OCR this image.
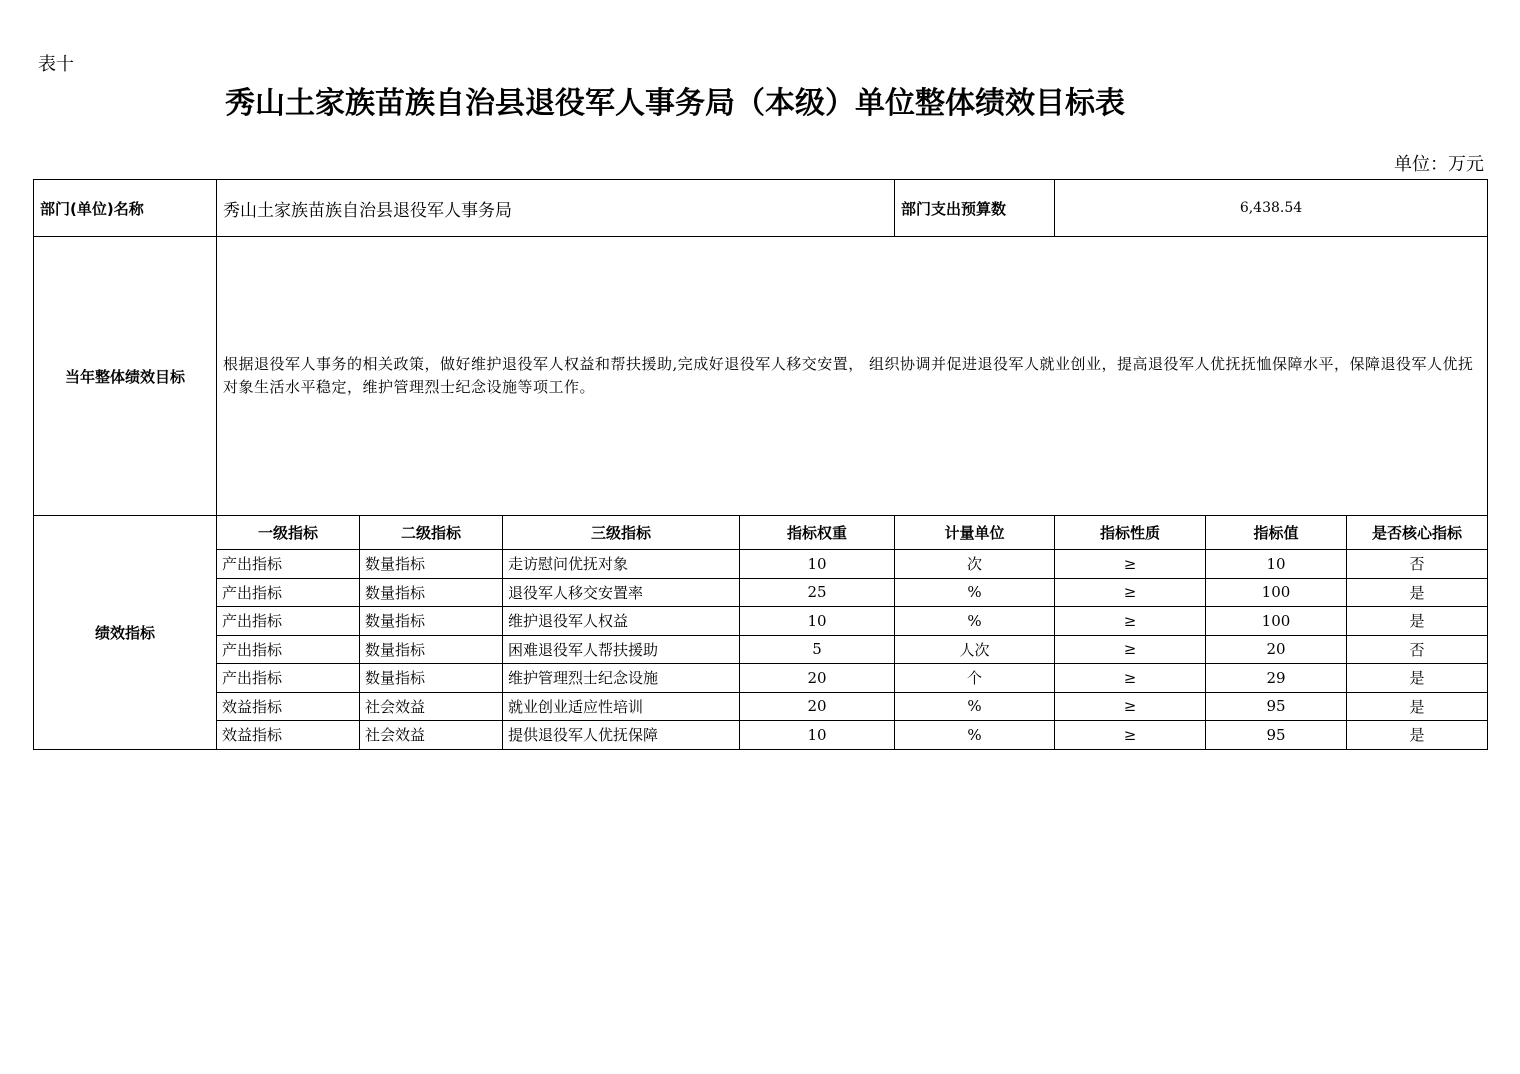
表十
秀山土家族苗族自治县退役军人事务局（本级）单位整体绩效目标表
单位：万元
部门(单位)名称	秀山土家族苗族自治县退役军人事务局				部门支出预算数	6,438.54		
当年整体绩效目标	根据退役军人事务的相关政策，做好维护退役军人权益和帮扶援助,完成好退役军人移交安置， 组织协调并促进退役军人就业创业，提高退役军人优抚抚恤保障水平，保障退役军人优抚对象生活水平稳定，维护管理烈士纪念设施等项工作。							
绩效指标	一级指标	二级指标	三级指标	指标权重	计量单位	指标性质	指标值	是否核心指标
	产出指标	数量指标	走访慰问优抚对象	10	次	≥	10	否
	产出指标	数量指标	退役军人移交安置率	25	%	≥	100	是
	产出指标	数量指标	维护退役军人权益	10	%	≥	100	是
	产出指标	数量指标	困难退役军人帮扶援助	5	人次	≥	20	否
	产出指标	数量指标	维护管理烈士纪念设施	20	个	≥	29	是
	效益指标	社会效益	就业创业适应性培训	20	%	≥	95	是
	效益指标	社会效益	提供退役军人优抚保障	10	%	≥	95	是
